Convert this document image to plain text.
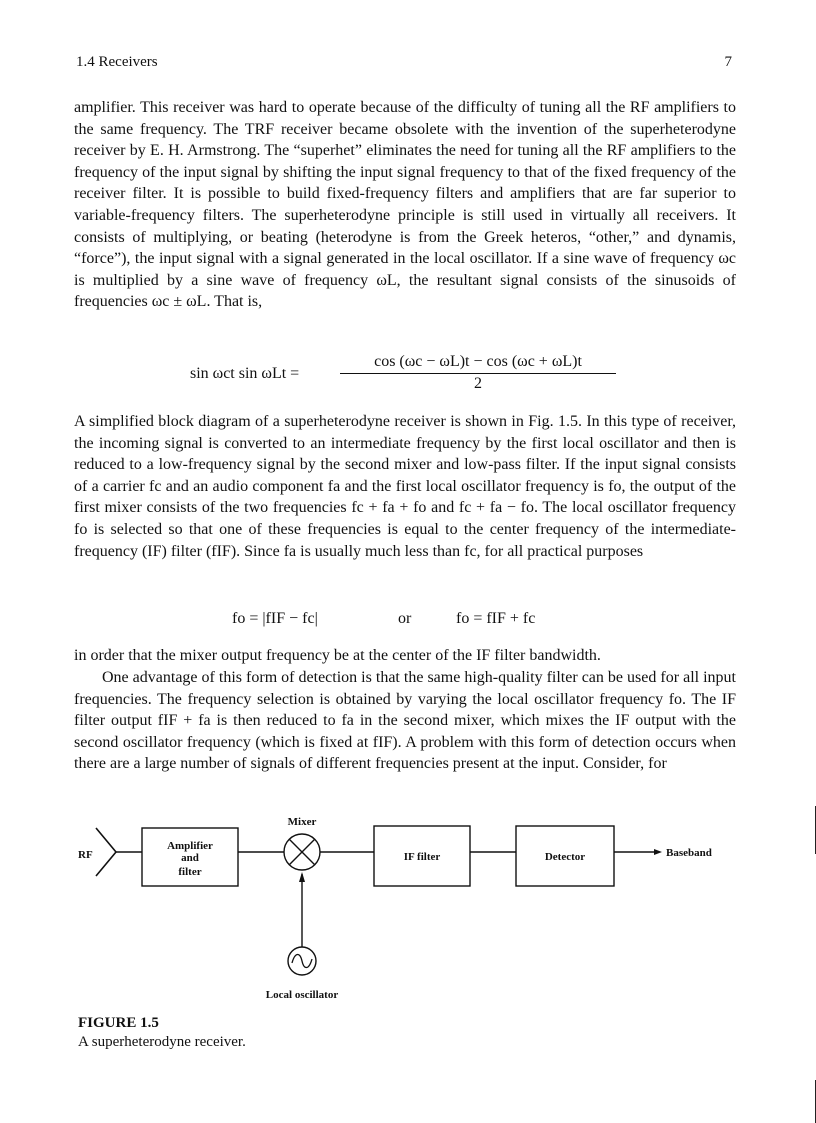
1.4 Receivers	7

amplifier. This receiver was hard to operate because of the difficulty of tuning all the RF amplifiers to the same frequency. The TRF receiver became obsolete with the invention of the superheterodyne receiver by E. H. Armstrong. The “superhet” eliminates the need for tuning all the RF amplifiers to the frequency of the input signal by shifting the input signal frequency to that of the fixed frequency of the receiver filter. It is possible to build fixed-frequency filters and amplifiers that are far superior to variable-frequency filters. The superheterodyne principle is still used in virtually all receivers. It consists of multiplying, or beating (heterodyne is from the Greek heteros, “other,” and dynamis, “force”), the input signal with a signal generated in the local oscillator. If a sine wave of frequency ωc is multiplied by a sine wave of frequency ωL, the resultant signal consists of the sinusoids of frequencies ωc ± ωL. That is,

sin ωct sin ωLt =	$\frac{\cos (\omega c - \omega L)t - \cos (\omega c + \omega L)t}{2}$

A simplified block diagram of a superheterodyne receiver is shown in Fig. 1.5. In this type of receiver, the incoming signal is converted to an intermediate frequency by the first local oscillator and then is reduced to a low-frequency signal by the second mixer and low-pass filter. If the input signal consists of a carrier fc and an audio component fa and the first local oscillator frequency is fo, the output of the first mixer consists of the two frequencies fc + fa + fo and fc + fa − fo. The local oscillator frequency fo is selected so that one of these frequencies is equal to the center frequency of the intermediate-frequency (IF) filter (fIF). Since fa is usually much less than fc, for all practical purposes

fo = |fIF − fc|	or	fo = fIF + fc

in order that the mixer output frequency be at the center of the IF filter bandwidth.

One advantage of this form of detection is that the same high-quality filter can be used for all input frequencies. The frequency selection is obtained by varying the local oscillator frequency fo. The IF filter output fIF + fa is then reduced to fa in the second mixer, which mixes the IF output with the second oscillator frequency (which is fixed at fIF). A problem with this form of detection occurs when there are a large number of signals of different frequencies present at the input. Consider, for

RF
Amplifier
and
filter
Mixer
IF filter	Detector	Baseband
Local oscillator
FIGURE 1.5
A superheterodyne receiver.
